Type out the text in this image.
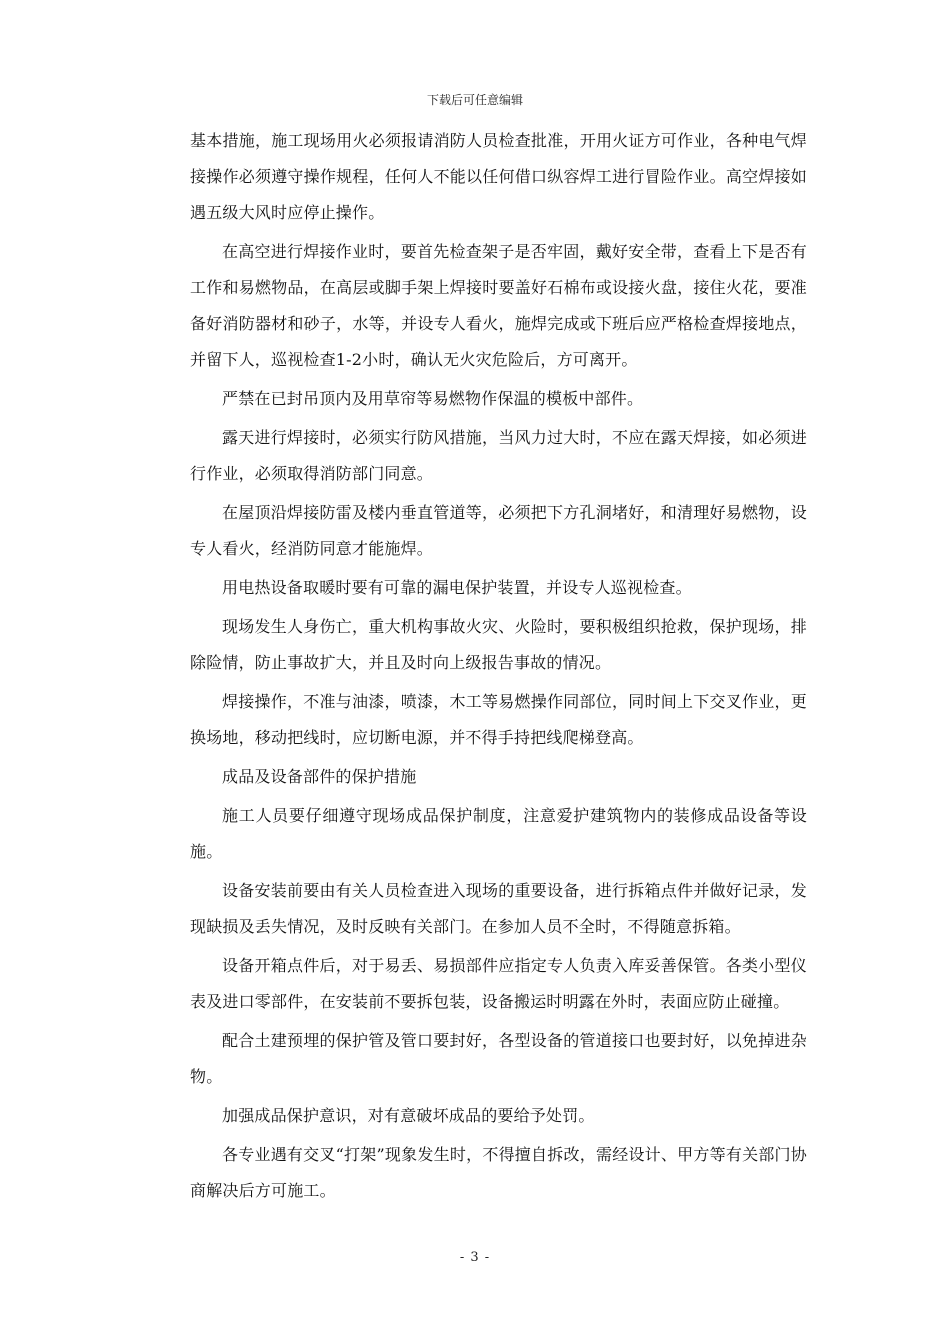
下载后可任意编辑

基本措施，施工现场用火必须报请消防人员检查批准，开用火证方可作业，各种电气焊接操作必须遵守操作规程，任何人不能以任何借口纵容焊工进行冒险作业。高空焊接如遇五级大风时应停止操作。

在高空进行焊接作业时，要首先检查架子是否牢固，戴好安全带，查看上下是否有工作和易燃物品，在高层或脚手架上焊接时要盖好石棉布或设接火盘，接住火花，要准备好消防器材和砂子，水等，并设专人看火，施焊完成或下班后应严格检查焊接地点，并留下人，巡视检查1-2小时，确认无火灾危险后，方可离开。

严禁在已封吊顶内及用草帘等易燃物作保温的模板中部件。

露天进行焊接时，必须实行防风措施，当风力过大时，不应在露天焊接，如必须进行作业，必须取得消防部门同意。

在屋顶沿焊接防雷及楼内垂直管道等，必须把下方孔洞堵好，和清理好易燃物，设专人看火，经消防同意才能施焊。

用电热设备取暖时要有可靠的漏电保护装置，并设专人巡视检查。

现场发生人身伤亡，重大机构事故火灾、火险时，要积极组织抢救，保护现场，排除险情，防止事故扩大，并且及时向上级报告事故的情况。

焊接操作，不准与油漆，喷漆，木工等易燃操作同部位，同时间上下交叉作业，更换场地，移动把线时，应切断电源，并不得手持把线爬梯登高。

成品及设备部件的保护措施

施工人员要仔细遵守现场成品保护制度，注意爱护建筑物内的装修成品设备等设施。

设备安装前要由有关人员检查进入现场的重要设备，进行拆箱点件并做好记录，发现缺损及丢失情况，及时反映有关部门。在参加人员不全时，不得随意拆箱。

设备开箱点件后，对于易丢、易损部件应指定专人负责入库妥善保管。各类小型仪表及进口零部件，在安装前不要拆包装，设备搬运时明露在外时，表面应防止碰撞。

配合土建预埋的保护管及管口要封好，各型设备的管道接口也要封好，以免掉进杂物。

加强成品保护意识，对有意破坏成品的要给予处罚。

各专业遇有交叉“打架”现象发生时，不得擅自拆改，需经设计、甲方等有关部门协商解决后方可施工。

- 3 -
